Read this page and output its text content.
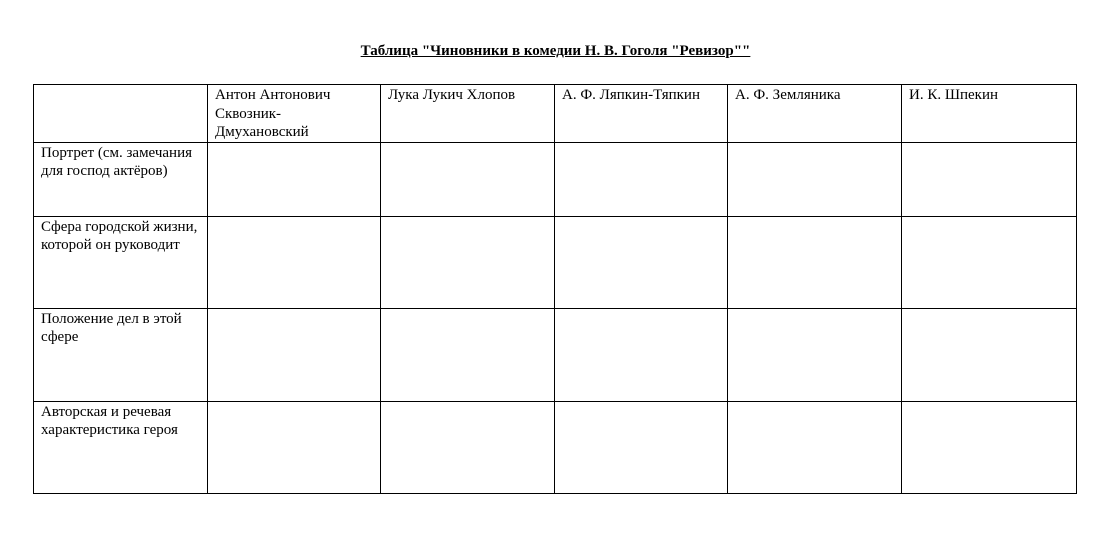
Таблица "Чиновники в комедии Н. В. Гоголя "Ревизор""
	Антон Антонович Сквозник-Дмухановский	Лука Лукич Хлопов	А. Ф. Ляпкин-Тяпкин	А. Ф. Земляника	И. К. Шпекин
Портрет (см. замечания для господ актёров)					
Сфера городской жизни, которой он руководит					
Положение дел в этой сфере					
Авторская и речевая характеристика героя					
